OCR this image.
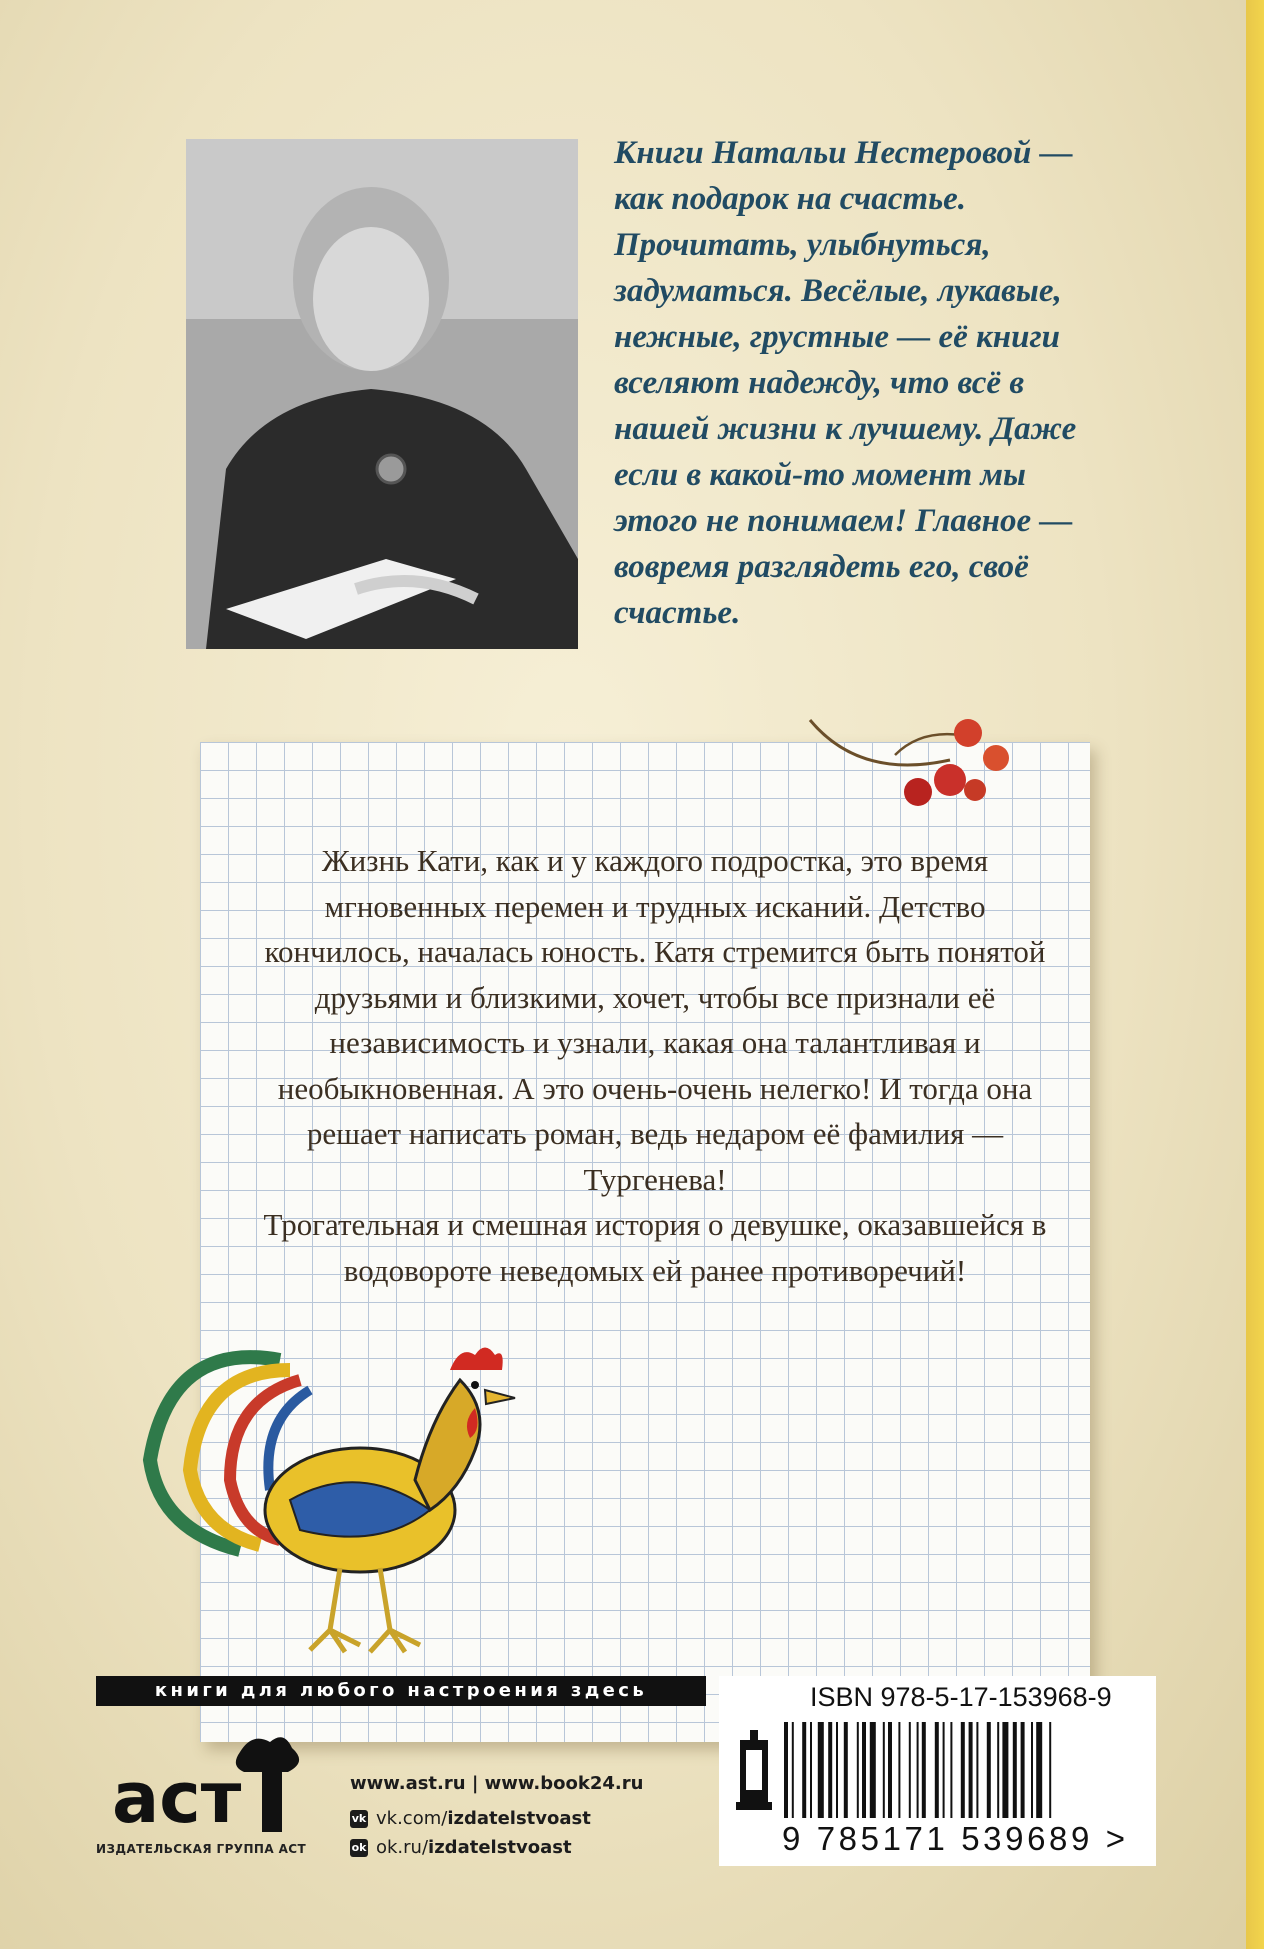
Книги Натальи Нестеровой —
как подарок на счастье.
Прочитать, улыбнуться,
задуматься. Весёлые, лукавые,
нежные, грустные — её книги
вселяют надежду, что всё в
нашей жизни к лучшему. Даже
если в какой-то момент мы
этого не понимаем! Главное —
вовремя разглядеть его, своё
счастье.

Жизнь Кати, как и у каждого подростка, это время мгновенных перемен и трудных исканий. Детство кончилось, началась юность. Катя стремится быть понятой друзьями и близкими, хочет, чтобы все признали её независимость и узнали, какая она талантливая и необыкновенная. А это очень-очень нелегко! И тогда она решает написать роман, ведь недаром её фамилия — Тургенева!

Трогательная и смешная история о девушке, оказавшейся в водовороте неведомых ей ранее противоречий!

книги для любого настроения здесь
аст
ИЗДАТЕЛЬСКАЯ ГРУППА АСТ
www.ast.ru | www.book24.ru
vk vk.com/ izdatelstvoast
ok ok.ru/ izdatelstvoast
ISBN 978-5-17-153968-9
9 785171 539689 >
